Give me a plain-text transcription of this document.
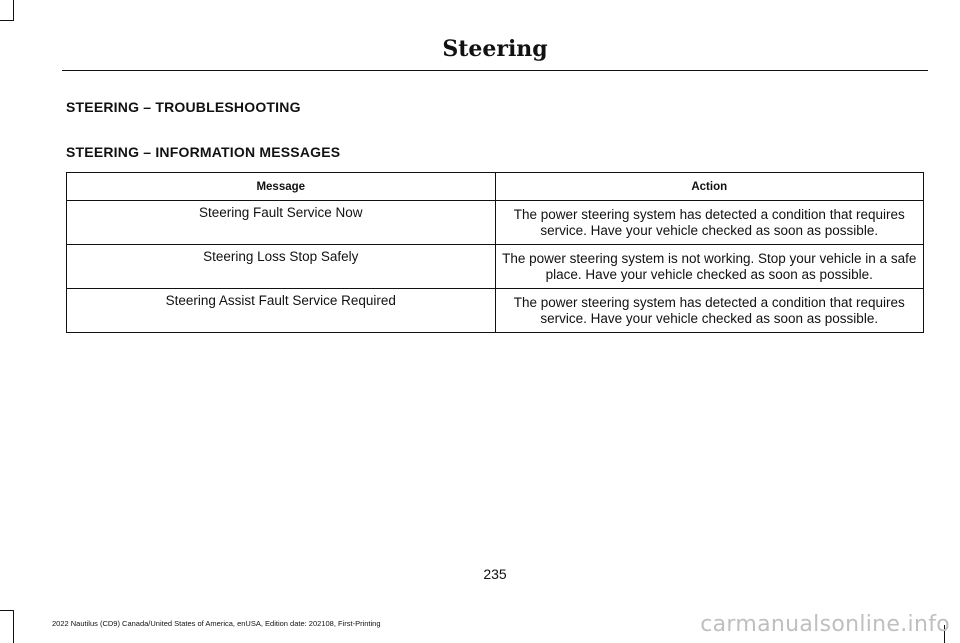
Steering
STEERING – TROUBLESHOOTING
STEERING – INFORMATION MESSAGES
Message	Action
Steering Fault Service Now	The power steering system has detected a condition that requires service. Have your vehicle checked as soon as possible.
Steering Loss Stop Safely	The power steering system is not working. Stop your vehicle in a safe place. Have your vehicle checked as soon as possible.
Steering Assist Fault Service Required	The power steering system has detected a condition that requires service. Have your vehicle checked as soon as possible.
235
2022 Nautilus (CD9) Canada/United States of America, enUSA, Edition date: 202108, First-Printing	carmanualsonline.info
